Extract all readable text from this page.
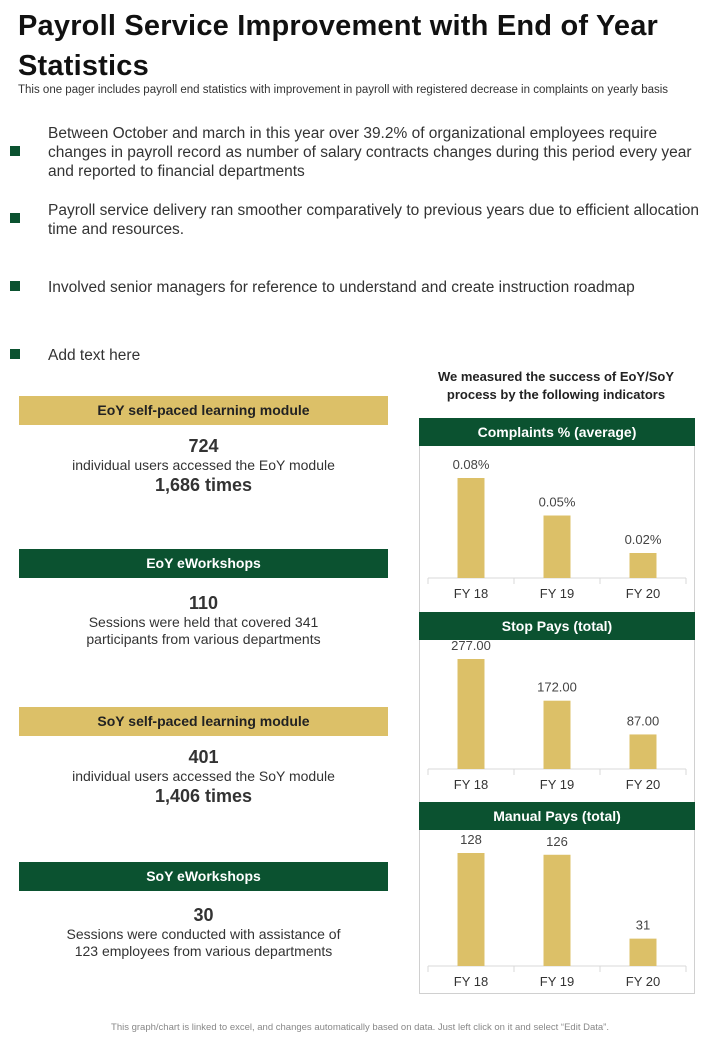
Payroll Service Improvement with End of Year Statistics
This one pager includes payroll end statistics with improvement in payroll with registered decrease in complaints on yearly basis
Between October and march in this year over 39.2% of organizational employees require changes in payroll record as number of salary contracts changes during this period every year and reported to financial departments
Payroll service delivery ran smoother comparatively to previous years due to efficient allocation time and resources.
Involved senior managers for reference to understand and create instruction roadmap
Add text here
EoY self-paced learning module
724
individual users accessed the EoY module
1,686 times
EoY eWorkshops
110
Sessions were held that covered 341
participants from various departments
SoY self-paced learning module
401
individual users accessed the SoY module
1,406 times
SoY eWorkshops
30
Sessions were conducted with assistance of
123 employees from various departments
We measured the success of EoY/SoY process by the following indicators
Complaints % (average)
0.08%
FY 18
0.05%
FY 19
0.02%
FY 20
Stop Pays (total)
277.00
FY 18
172.00
FY 19
87.00
FY 20
Manual Pays (total)
128
FY 18
126
FY 19
31
FY 20
This graph/chart is linked to excel, and changes automatically based on data. Just left click on it and select “Edit Data”.
